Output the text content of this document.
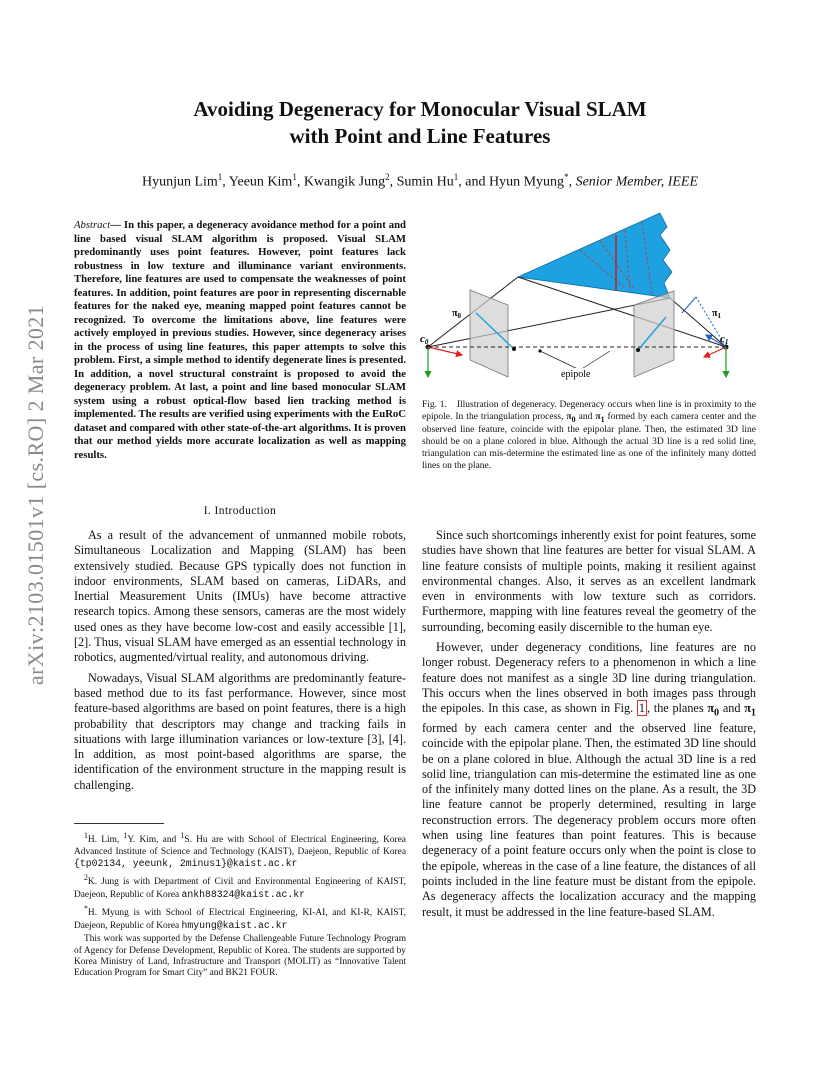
arXiv:2103.01501v1 [cs.RO] 2 Mar 2021
Avoiding Degeneracy for Monocular Visual SLAM
with Point and Line Features
Hyunjun Lim$^1$, Yeeun Kim$^1$, Kwangik Jung$^2$, Sumin Hu$^1$, and Hyun Myung*, Senior Member, IEEE
Abstract— In this paper, a degeneracy avoidance method for a point and line based visual SLAM algorithm is proposed. Visual SLAM predominantly uses point features. However, point features lack robustness in low texture and illuminance variant environments. Therefore, line features are used to compensate the weaknesses of point features. In addition, point features are poor in representing discernable features for the naked eye, meaning mapped point features cannot be recognized. To overcome the limitations above, line features were actively employed in previous studies. However, since degeneracy arises in the process of using line features, this paper attempts to solve this problem. First, a simple method to identify degenerate lines is presented. In addition, a novel structural constraint is proposed to avoid the degeneracy problem. At last, a point and line based monocular SLAM system using a robust optical-flow based lien tracking method is implemented. The results are verified using experiments with the EuRoC dataset and compared with other state-of-the-art algorithms. It is proven that our method yields more accurate localization as well as mapping results.
I. Introduction

As a result of the advancement of unmanned mobile robots, Simultaneous Localization and Mapping (SLAM) has been extensively studied. Because GPS typically does not function in indoor environments, SLAM based on cameras, LiDARs, and Inertial Measurement Units (IMUs) have become attractive research topics. Among these sensors, cameras are the most widely used ones as they have become low-cost and easily accessible [1], [2]. Thus, visual SLAM have emerged as an essential technology in robotics, augmented/virtual reality, and autonomous driving.

Nowadays, Visual SLAM algorithms are predominantly feature-based method due to its fast performance. However, since most feature-based algorithms are based on point features, there is a high probability that descriptors may change and tracking fails in situations with large illumination variances or low-texture [3], [4]. In addition, as most point-based algorithms are sparse, the identification of the environment structure in the mapping result is challenging.

$^1$H. Lim, $^1$Y. Kim, and $^1$S. Hu are with School of Electrical Engineering, Korea Advanced Institute of Science and Technology (KAIST), Daejeon, Republic of Korea {tp02134, yeeunk, 2minus1}@kaist.ac.kr

$^2$K. Jung is with Department of Civil and Environmental Engineering of KAIST, Daejeon, Republic of Korea ankh88324@kaist.ac.kr

*H. Myung is with School of Electrical Engineering, KI-AI, and KI-R, KAIST, Daejeon, Republic of Korea hmyung@kaist.ac.kr

This work was supported by the Defense Challengeable Future Technology Program of Agency for Defense Development, Republic of Korea. The students are supported by Korea Ministry of Land, Infrastructure and Transport (MOLIT) as “Innovative Talent Education Program for Smart City” and BK21 FOUR.

c0	c1
$\pi_0$	$\pi_1$
epipole
Fig. 1. Illustration of degeneracy. Degeneracy occurs when line is in proximity to the epipole. In the triangulation process, $\pi_0$ and $\pi_1$ formed by each camera center and the observed line feature, coincide with the epipolar plane. Then, the estimated 3D line should be on a plane colored in blue. Although the actual 3D line is a red solid line, triangulation can mis-determine the estimated line as one of the infinitely many dotted lines on the plane.

Since such shortcomings inherently exist for point features, some studies have shown that line features are better for visual SLAM. A line feature consists of multiple points, making it resilient against environmental changes. Also, it serves as an excellent landmark even in environments with low texture such as corridors. Furthermore, mapping with line features reveal the geometry of the surrounding, becoming easily discernible to the human eye.

However, under degeneracy conditions, line features are no longer robust. Degeneracy refers to a phenomenon in which a line feature does not manifest as a single 3D line during triangulation. This occurs when the lines observed in both images pass through the epipoles. In this case, as shown in Fig. 1 , the planes $\pi_0$ and $\pi_1$ formed by each camera center and the observed line feature, coincide with the epipolar plane. Then, the estimated 3D line should be on a plane colored in blue. Although the actual 3D line is a red solid line, triangulation can mis-determine the estimated line as one of the infinitely many dotted lines on the plane. As a result, the 3D line feature cannot be properly determined, resulting in large reconstruction errors. The degeneracy problem occurs more often when using line features than point features. This is because degeneracy of a point feature occurs only when the point is close to the epipole, whereas in the case of a line feature, the distances of all points included in the line feature must be distant from the epipole. As degeneracy affects the localization accuracy and the mapping result, it must be addressed in the line feature-based SLAM.
